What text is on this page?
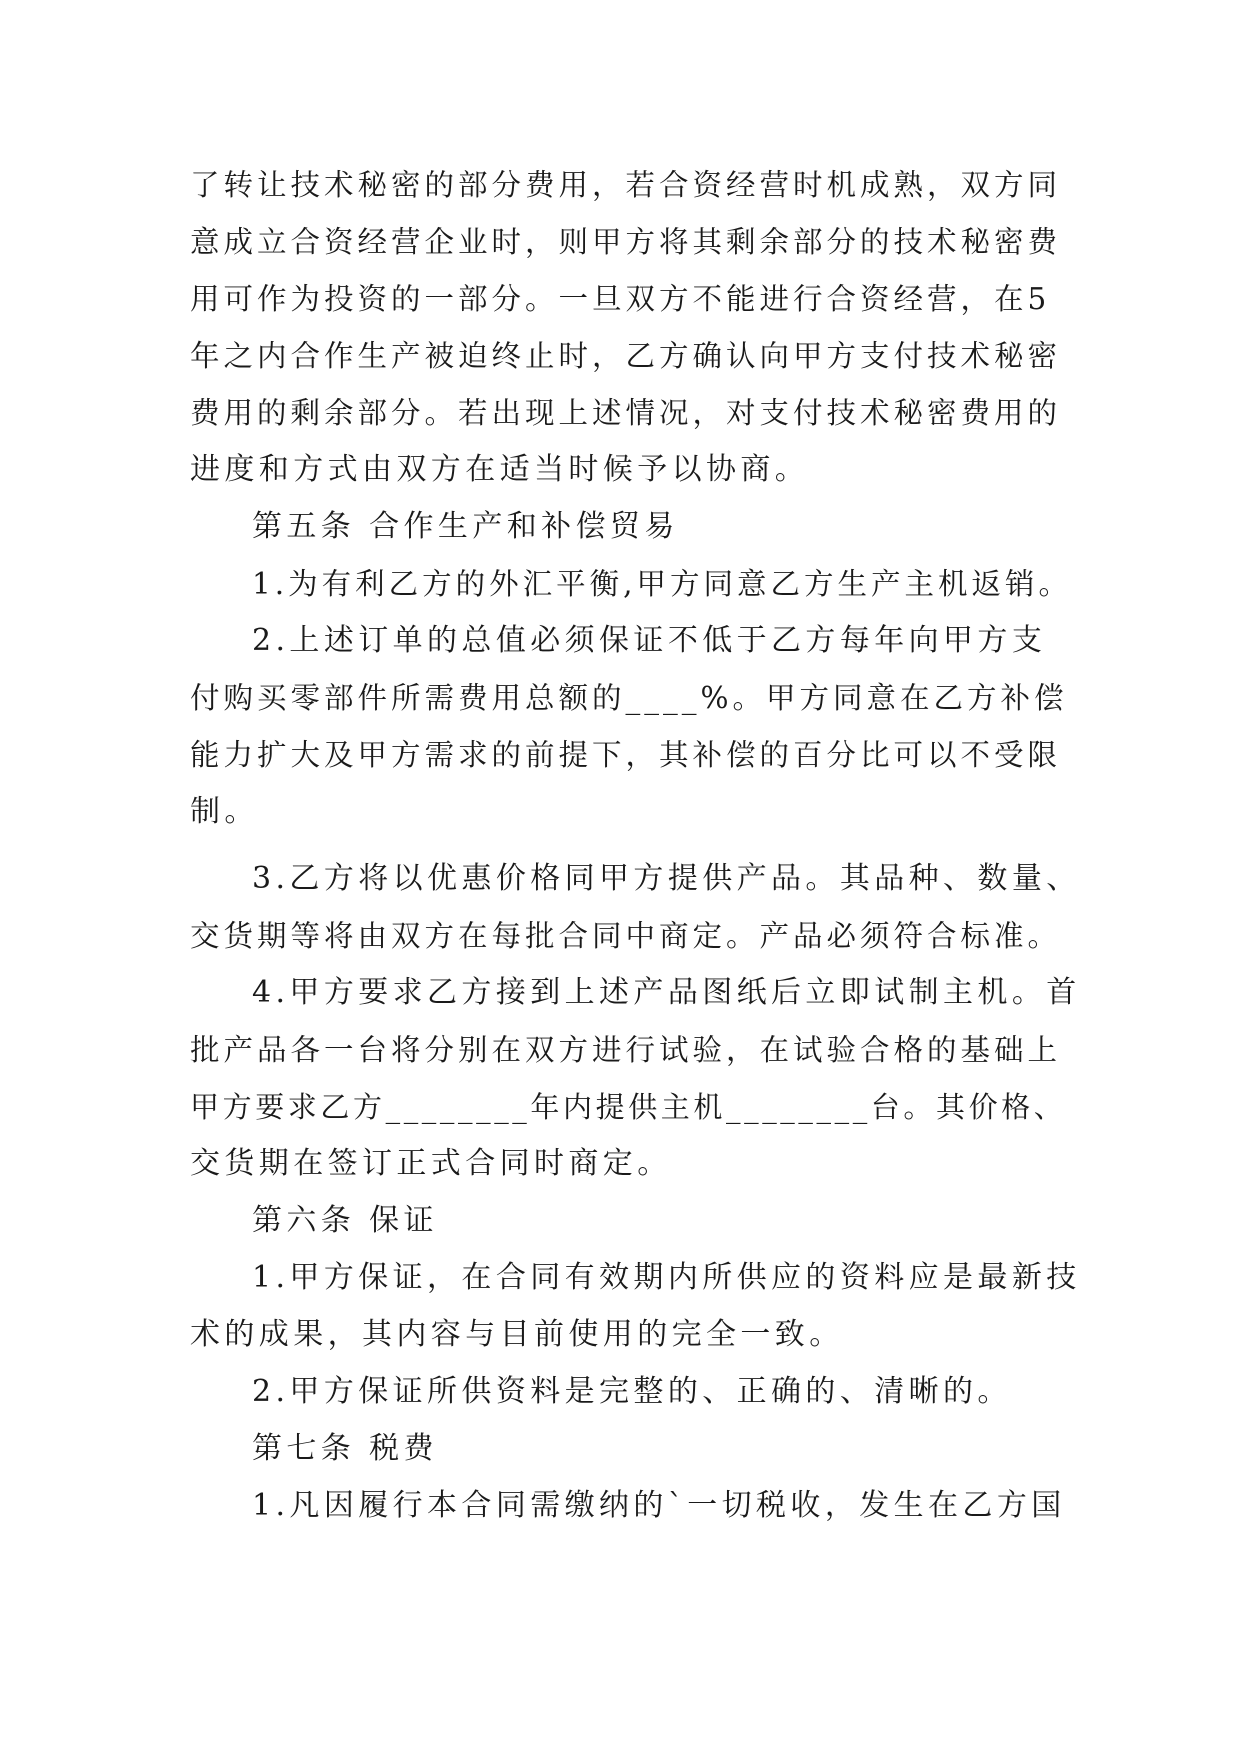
了转让技术秘密的部分费用，若合资经营时机成熟，双方同
意成立合资经营企业时，则甲方将其剩余部分的技术秘密费
用可作为投资的一部分。一旦双方不能进行合资经营，在5
年之内合作生产被迫终止时，乙方确认向甲方支付技术秘密
费用的剩余部分。若出现上述情况，对支付技术秘密费用的
进度和方式由双方在适当时候予以协商。
第五条 合作生产和补偿贸易
1.为有利乙方的外汇平衡,甲方同意乙方生产主机返销。
2.上述订单的总值必须保证不低于乙方每年向甲方支
付购买零部件所需费用总额的____%。甲方同意在乙方补偿
能力扩大及甲方需求的前提下，其补偿的百分比可以不受限
制。
3.乙方将以优惠价格同甲方提供产品。其品种、数量、
交货期等将由双方在每批合同中商定。产品必须符合标准。
4.甲方要求乙方接到上述产品图纸后立即试制主机。首
批产品各一台将分别在双方进行试验，在试验合格的基础上
甲方要求乙方________年内提供主机________台。其价格、
交货期在签订正式合同时商定。
第六条 保证
1.甲方保证，在合同有效期内所供应的资料应是最新技
术的成果，其内容与目前使用的完全一致。
2.甲方保证所供资料是完整的、正确的、清晰的。
第七条 税费
1.凡因履行本合同需缴纳的`一切税收，发生在乙方国
